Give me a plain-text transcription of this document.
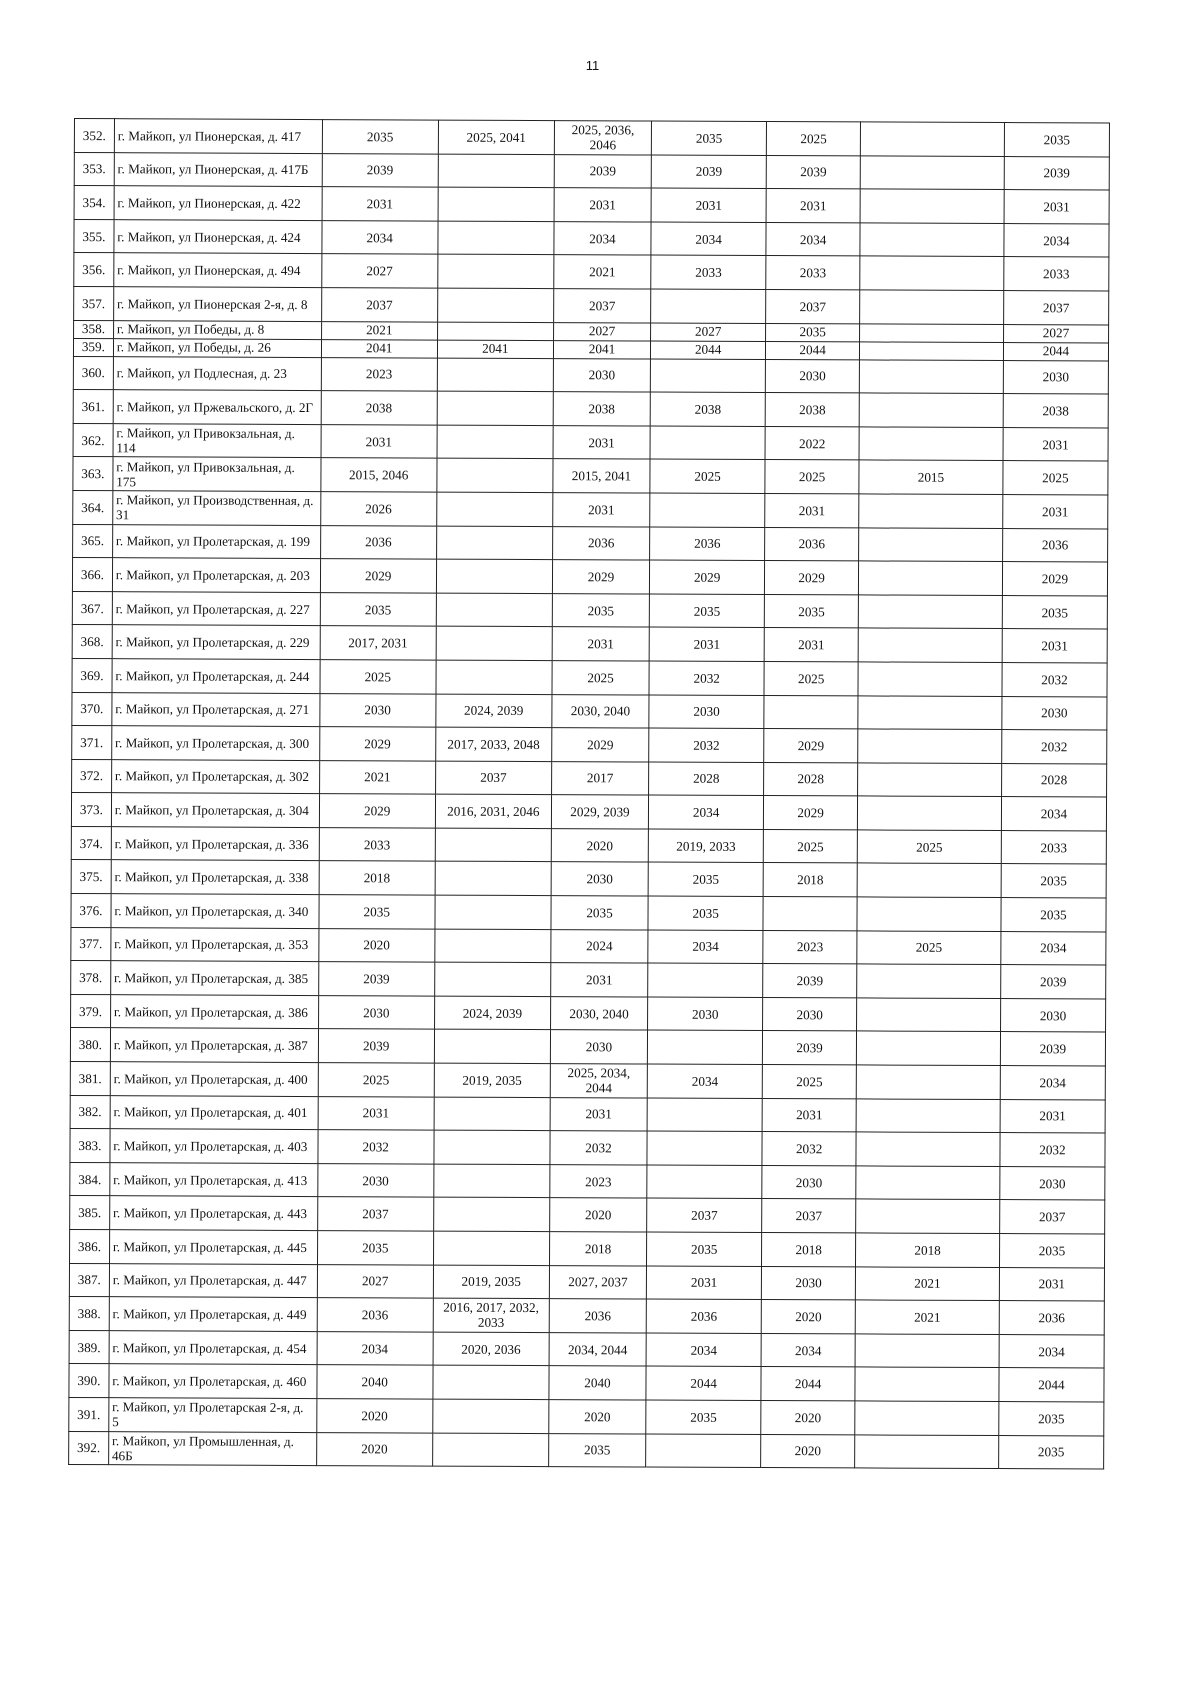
11
352.	г. Майкоп, ул Пионерская, д. 417	2035	2025, 2041	2025, 2036, 2046	2035	2025		2035
353.	г. Майкоп, ул Пионерская, д. 417Б	2039		2039	2039	2039		2039
354.	г. Майкоп, ул Пионерская, д. 422	2031		2031	2031	2031		2031
355.	г. Майкоп, ул Пионерская, д. 424	2034		2034	2034	2034		2034
356.	г. Майкоп, ул Пионерская, д. 494	2027		2021	2033	2033		2033
357.	г. Майкоп, ул Пионерская 2-я, д. 8	2037		2037		2037		2037
358.	г. Майкоп, ул Победы, д. 8	2021		2027	2027	2035		2027
359.	г. Майкоп, ул Победы, д. 26	2041	2041	2041	2044	2044		2044
360.	г. Майкоп, ул Подлесная, д. 23	2023		2030		2030		2030
361.	г. Майкоп, ул Пржевальского, д. 2Г	2038		2038	2038	2038		2038
362.	г. Майкоп, ул Привокзальная, д. 114	2031		2031		2022		2031
363.	г. Майкоп, ул Привокзальная, д. 175	2015, 2046		2015, 2041	2025	2025	2015	2025
364.	г. Майкоп, ул Производственная, д. 31	2026		2031		2031		2031
365.	г. Майкоп, ул Пролетарская, д. 199	2036		2036	2036	2036		2036
366.	г. Майкоп, ул Пролетарская, д. 203	2029		2029	2029	2029		2029
367.	г. Майкоп, ул Пролетарская, д. 227	2035		2035	2035	2035		2035
368.	г. Майкоп, ул Пролетарская, д. 229	2017, 2031		2031	2031	2031		2031
369.	г. Майкоп, ул Пролетарская, д. 244	2025		2025	2032	2025		2032
370.	г. Майкоп, ул Пролетарская, д. 271	2030	2024, 2039	2030, 2040	2030			2030
371.	г. Майкоп, ул Пролетарская, д. 300	2029	2017, 2033, 2048	2029	2032	2029		2032
372.	г. Майкоп, ул Пролетарская, д. 302	2021	2037	2017	2028	2028		2028
373.	г. Майкоп, ул Пролетарская, д. 304	2029	2016, 2031, 2046	2029, 2039	2034	2029		2034
374.	г. Майкоп, ул Пролетарская, д. 336	2033		2020	2019, 2033	2025	2025	2033
375.	г. Майкоп, ул Пролетарская, д. 338	2018		2030	2035	2018		2035
376.	г. Майкоп, ул Пролетарская, д. 340	2035		2035	2035			2035
377.	г. Майкоп, ул Пролетарская, д. 353	2020		2024	2034	2023	2025	2034
378.	г. Майкоп, ул Пролетарская, д. 385	2039		2031		2039		2039
379.	г. Майкоп, ул Пролетарская, д. 386	2030	2024, 2039	2030, 2040	2030	2030		2030
380.	г. Майкоп, ул Пролетарская, д. 387	2039		2030		2039		2039
381.	г. Майкоп, ул Пролетарская, д. 400	2025	2019, 2035	2025, 2034, 2044	2034	2025		2034
382.	г. Майкоп, ул Пролетарская, д. 401	2031		2031		2031		2031
383.	г. Майкоп, ул Пролетарская, д. 403	2032		2032		2032		2032
384.	г. Майкоп, ул Пролетарская, д. 413	2030		2023		2030		2030
385.	г. Майкоп, ул Пролетарская, д. 443	2037		2020	2037	2037		2037
386.	г. Майкоп, ул Пролетарская, д. 445	2035		2018	2035	2018	2018	2035
387.	г. Майкоп, ул Пролетарская, д. 447	2027	2019, 2035	2027, 2037	2031	2030	2021	2031
388.	г. Майкоп, ул Пролетарская, д. 449	2036	2016, 2017, 2032, 2033	2036	2036	2020	2021	2036
389.	г. Майкоп, ул Пролетарская, д. 454	2034	2020, 2036	2034, 2044	2034	2034		2034
390.	г. Майкоп, ул Пролетарская, д. 460	2040		2040	2044	2044		2044
391.	г. Майкоп, ул Пролетарская 2-я, д. 5	2020		2020	2035	2020		2035
392.	г. Майкоп, ул Промышленная, д. 46Б	2020		2035		2020		2035
